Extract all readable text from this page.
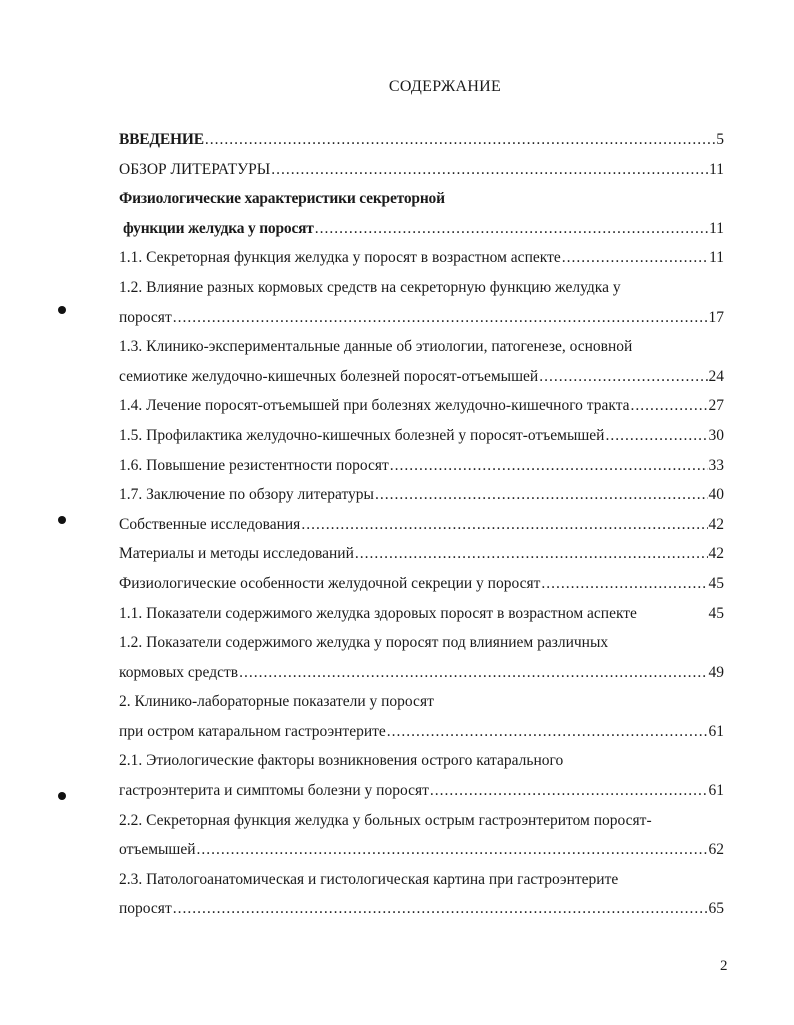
СОДЕРЖАНИЕ
ВВЕДЕНИЕ .....	5
ОБЗОР ЛИТЕРАТУРЫ .....	11
Физиологические характеристики секреторной
функции желудка у поросят .....	11
1.1. Секреторная функция желудка у поросят в возрастном аспекте .....	11
1.2. Влияние разных кормовых средств на секреторную функцию желудка у
поросят .....	17
1.3. Клинико-экспериментальные данные об этиологии, патогенезе, основной
семиотике желудочно-кишечных болезней поросят-отъемышей .....	24
1.4. Лечение поросят-отъемышей при болезнях желудочно-кишечного тракта .....	27
1.5. Профилактика желудочно-кишечных болезней у поросят-отъемышей .....	30
1.6. Повышение резистентности поросят .....	33
1.7. Заключение по обзору литературы .....	40
Собственные исследования .....	42
Материалы и методы исследований .....	42
Физиологические особенности желудочной секреции у поросят .....	45
1.1. Показатели содержимого желудка здоровых поросят в возрастном аспекте	45
1.2. Показатели содержимого желудка у поросят под влиянием различных
кормовых средств .....	49
2. Клинико-лабораторные показатели у поросят
при остром катаральном гастроэнтерите .....	61
2.1. Этиологические факторы возникновения острого катарального
гастроэнтерита и симптомы болезни у поросят .....	61
2.2. Секреторная функция желудка у больных острым гастроэнтеритом поросят-
отъемышей .....	62
2.3. Патологоанатомическая и гистологическая картина при гастроэнтерите
поросят .....	65
2
